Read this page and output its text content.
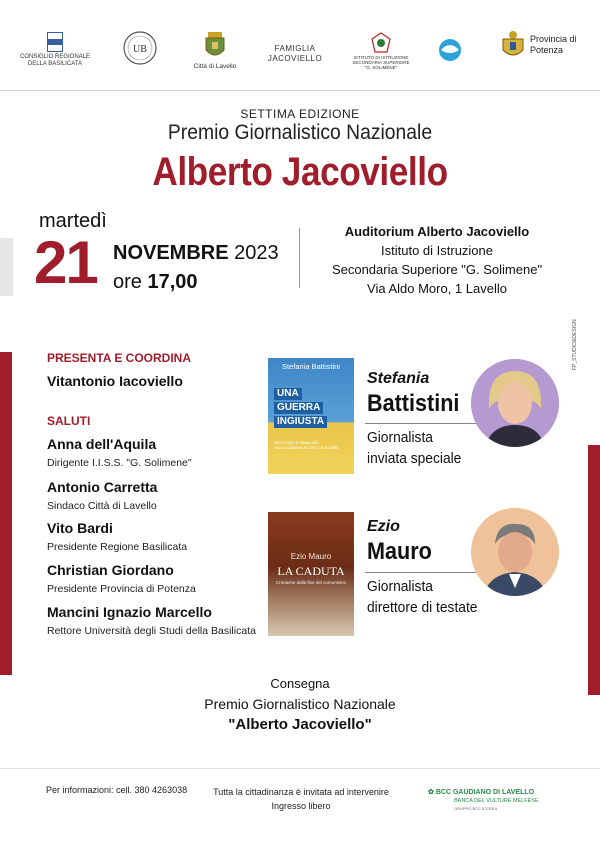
CONSIGLIO REGIONALE DELLA BASILICATA
UB
Città di Lavello
FAMIGLIA JACOVIELLO	ISTITUTO DI ISTRUZIONE SECONDARIA SUPERIORE "G. SOLIMENE"
Provincia di Potenza
SETTIMA EDIZIONE
Premio Giornalistico Nazionale
Alberto Jacoviello
martedì
21 NOVEMBRE 2023
ore 17,00
Auditorium Alberto Jacoviello
Istituto di Istruzione
Secondaria Superiore "G. Solimene"
Via Aldo Moro, 1 Lavello
FP_STUDIO&DESIGN
PRESENTA E COORDINA
Vitantonio Iacoviello
SALUTI
Anna dell'Aquila
Dirigente I.I.S.S. "G. Solimene"
Antonio Carretta
Sindaco Città di Lavello
Vito Bardi
Presidente Regione Basilicata
Christian Giordano
Presidente Provincia di Potenza
Mancini Ignazio Marcello
Rettore Università degli Studi della Basilicata
Stefania Battistini
UNA
GUERRA
INGIUSTA
RACCONTI E IMMAGINI DALL'UCRAINA SOTTO LE BOMBE
Stefania
Battistini
Giornalista
inviata speciale
Ezio Mauro
LA CADUTA
Cronache dalla fine del comunismo
Ezio
Mauro
Giornalista
direttore di testate
Consegna
Premio Giornalistico Nazionale
"Alberto Jacoviello"
Per informazioni: cell. 380 4263038	Tutta la cittadinanza è invitata ad intervenire
Ingresso libero
✿ BCC GAUDIANO DI LAVELLO
BANCA DEL VULTURE MELFESE
GRUPPO BCC ICCREA
